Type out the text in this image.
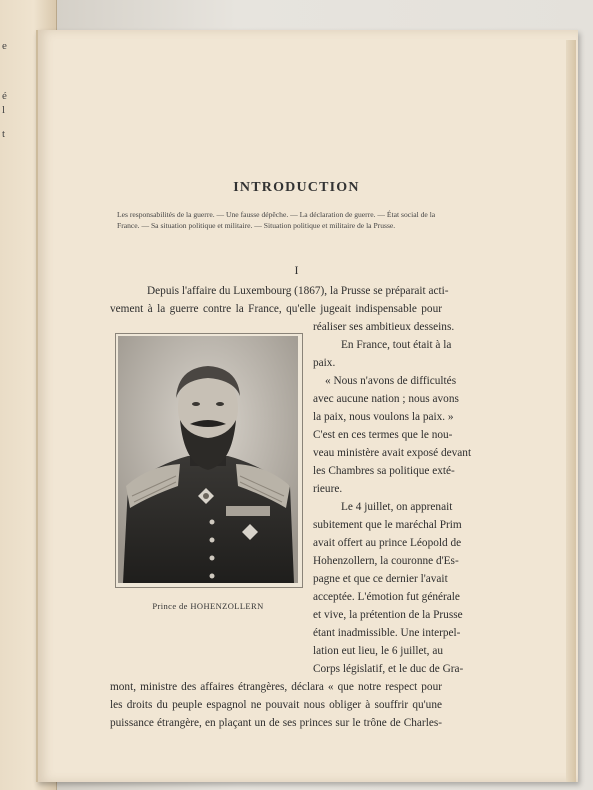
e
é
l
t
INTRODUCTION
Les responsabilités de la guerre. — Une fausse dépêche. — La déclaration de guerre. — État social de la
France. — Sa situation politique et militaire. — Situation politique et militaire de la Prusse.
I
Depuis l'affaire du Luxembourg (1867), la Prusse se préparait acti-
vement à la guerre contre la France, qu'elle jugeait indispensable pour
réaliser ses ambitieux desseins.
Prince de HOHENZOLLERN
En France, tout était à la
paix.
« Nous n'avons de difficultés
avec aucune nation ; nous avons
la paix, nous voulons la paix. »
C'est en ces termes que le nou-
veau ministère avait exposé devant
les Chambres sa politique exté-
rieure.
Le 4 juillet, on apprenait
subitement que le maréchal Prim
avait offert au prince Léopold de
Hohenzollern, la couronne d'Es-
pagne et que ce dernier l'avait
acceptée. L'émotion fut générale
et vive, la prétention de la Prusse
étant inadmissible. Une interpel-
lation eut lieu, le 6 juillet, au
Corps législatif, et le duc de Gra-
mont, ministre des affaires étrangères, déclara « que notre respect pour
les droits du peuple espagnol ne pouvait nous obliger à souffrir qu'une
puissance étrangère, en plaçant un de ses princes sur le trône de Charles-
